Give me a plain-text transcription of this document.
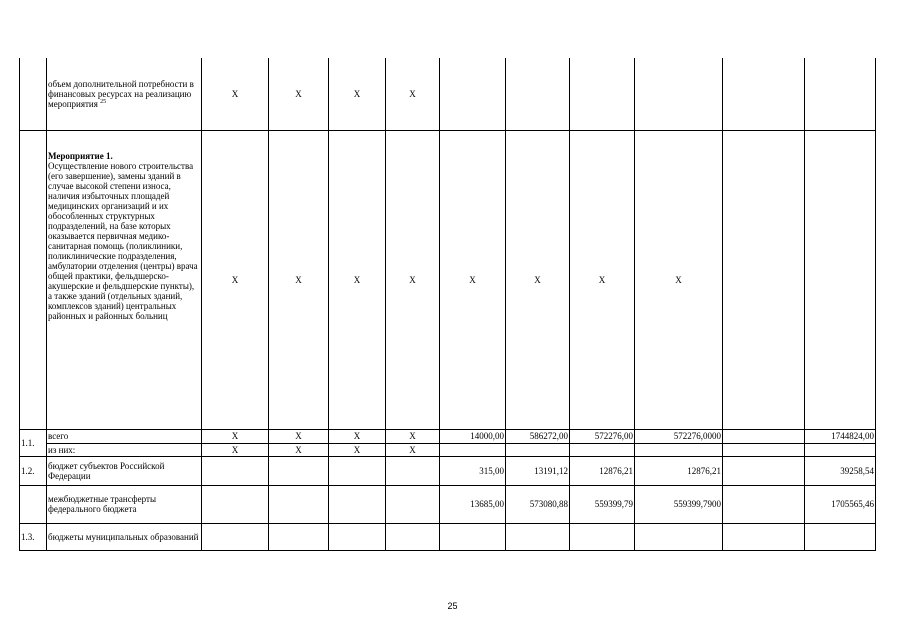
	объем дополнительной потребности в финансовых ресурсах на реализацию мероприятия $^{25}$	X	X	X	X						

	Мероприятие 1.
Осуществление нового строительства (его завершение), замены зданий в случае высокой степени износа, наличия избыточных площадей медицинских организаций и их обособленных структурных подразделений, на базе которых оказывается первичная медико-санитарная помощь (поликлиники, поликлинические подразделения, амбулатории отделения (центры) врача общей практики, фельдшерско-акушерские и фельдшерские пункты), а также зданий (отдельных зданий, комплексов зданий) центральных районных и районных больниц	X	X	X	X	X	X	X	X		
1.1.	всего	X	X	X	X	14000,00	586272,00	572276,00	572276,0000		1744824,00
	из них:	X	X	X	X						
1.2.	бюджет субъектов Российской Федерации					315,00	13191,12	12876,21	12876,21		39258,54
	межбюджетные трансферты федерального бюджета					13685,00	573080,88	559399,79	559399,7900		1705565,46
1.3.	бюджеты муниципальных образований										
25
